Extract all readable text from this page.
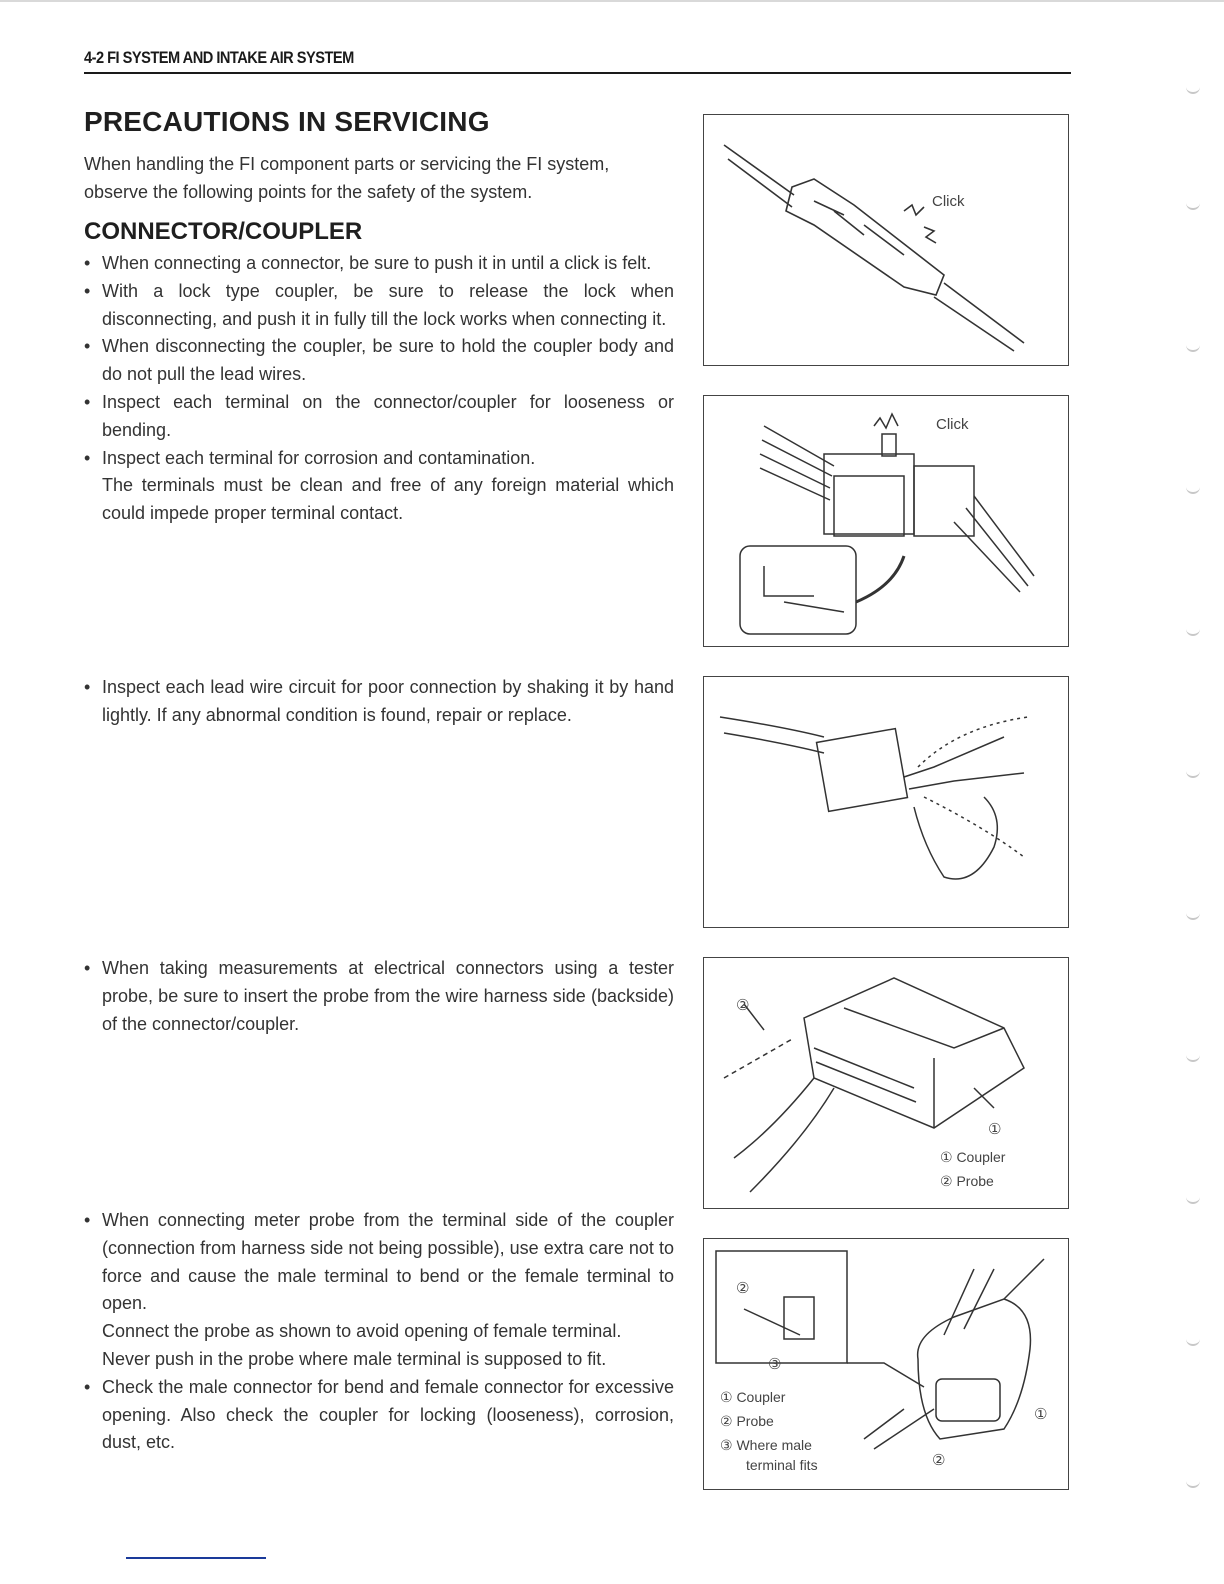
4-2 FI SYSTEM AND INTAKE AIR SYSTEM
PRECAUTIONS IN SERVICING
When handling the FI component parts or servicing the FI system, observe the following points for the safety of the system.
CONNECTOR/COUPLER
• When connecting a connector, be sure to push it in until a click is felt.

• With a lock type coupler, be sure to release the lock when disconnecting, and push it in fully till the lock works when connecting it.

• When disconnecting the coupler, be sure to hold the coupler body and do not pull the lead wires.

• Inspect each terminal on the connector/coupler for looseness or bending.

• Inspect each terminal for corrosion and contamination.

The terminals must be clean and free of any foreign material which could impede proper terminal contact.

• Inspect each lead wire circuit for poor connection by shaking it by hand lightly. If any abnormal condition is found, repair or replace.

• When taking measurements at electrical connectors using a tester probe, be sure to insert the probe from the wire harness side (backside) of the connector/coupler.

• When connecting meter probe from the terminal side of the coupler (connection from harness side not being possible), use extra care not to force and cause the male terminal to bend or the female terminal to open.

Connect the probe as shown to avoid opening of female terminal.

Never push in the probe where male terminal is supposed to fit.

• Check the male connector for bend and female connector for excessive opening. Also check the coupler for locking (looseness), corrosion, dust, etc.

Click
Click
②
①
① Coupler
② Probe
②
③
①
②
① Coupler
② Probe
③ Where male
terminal fits
